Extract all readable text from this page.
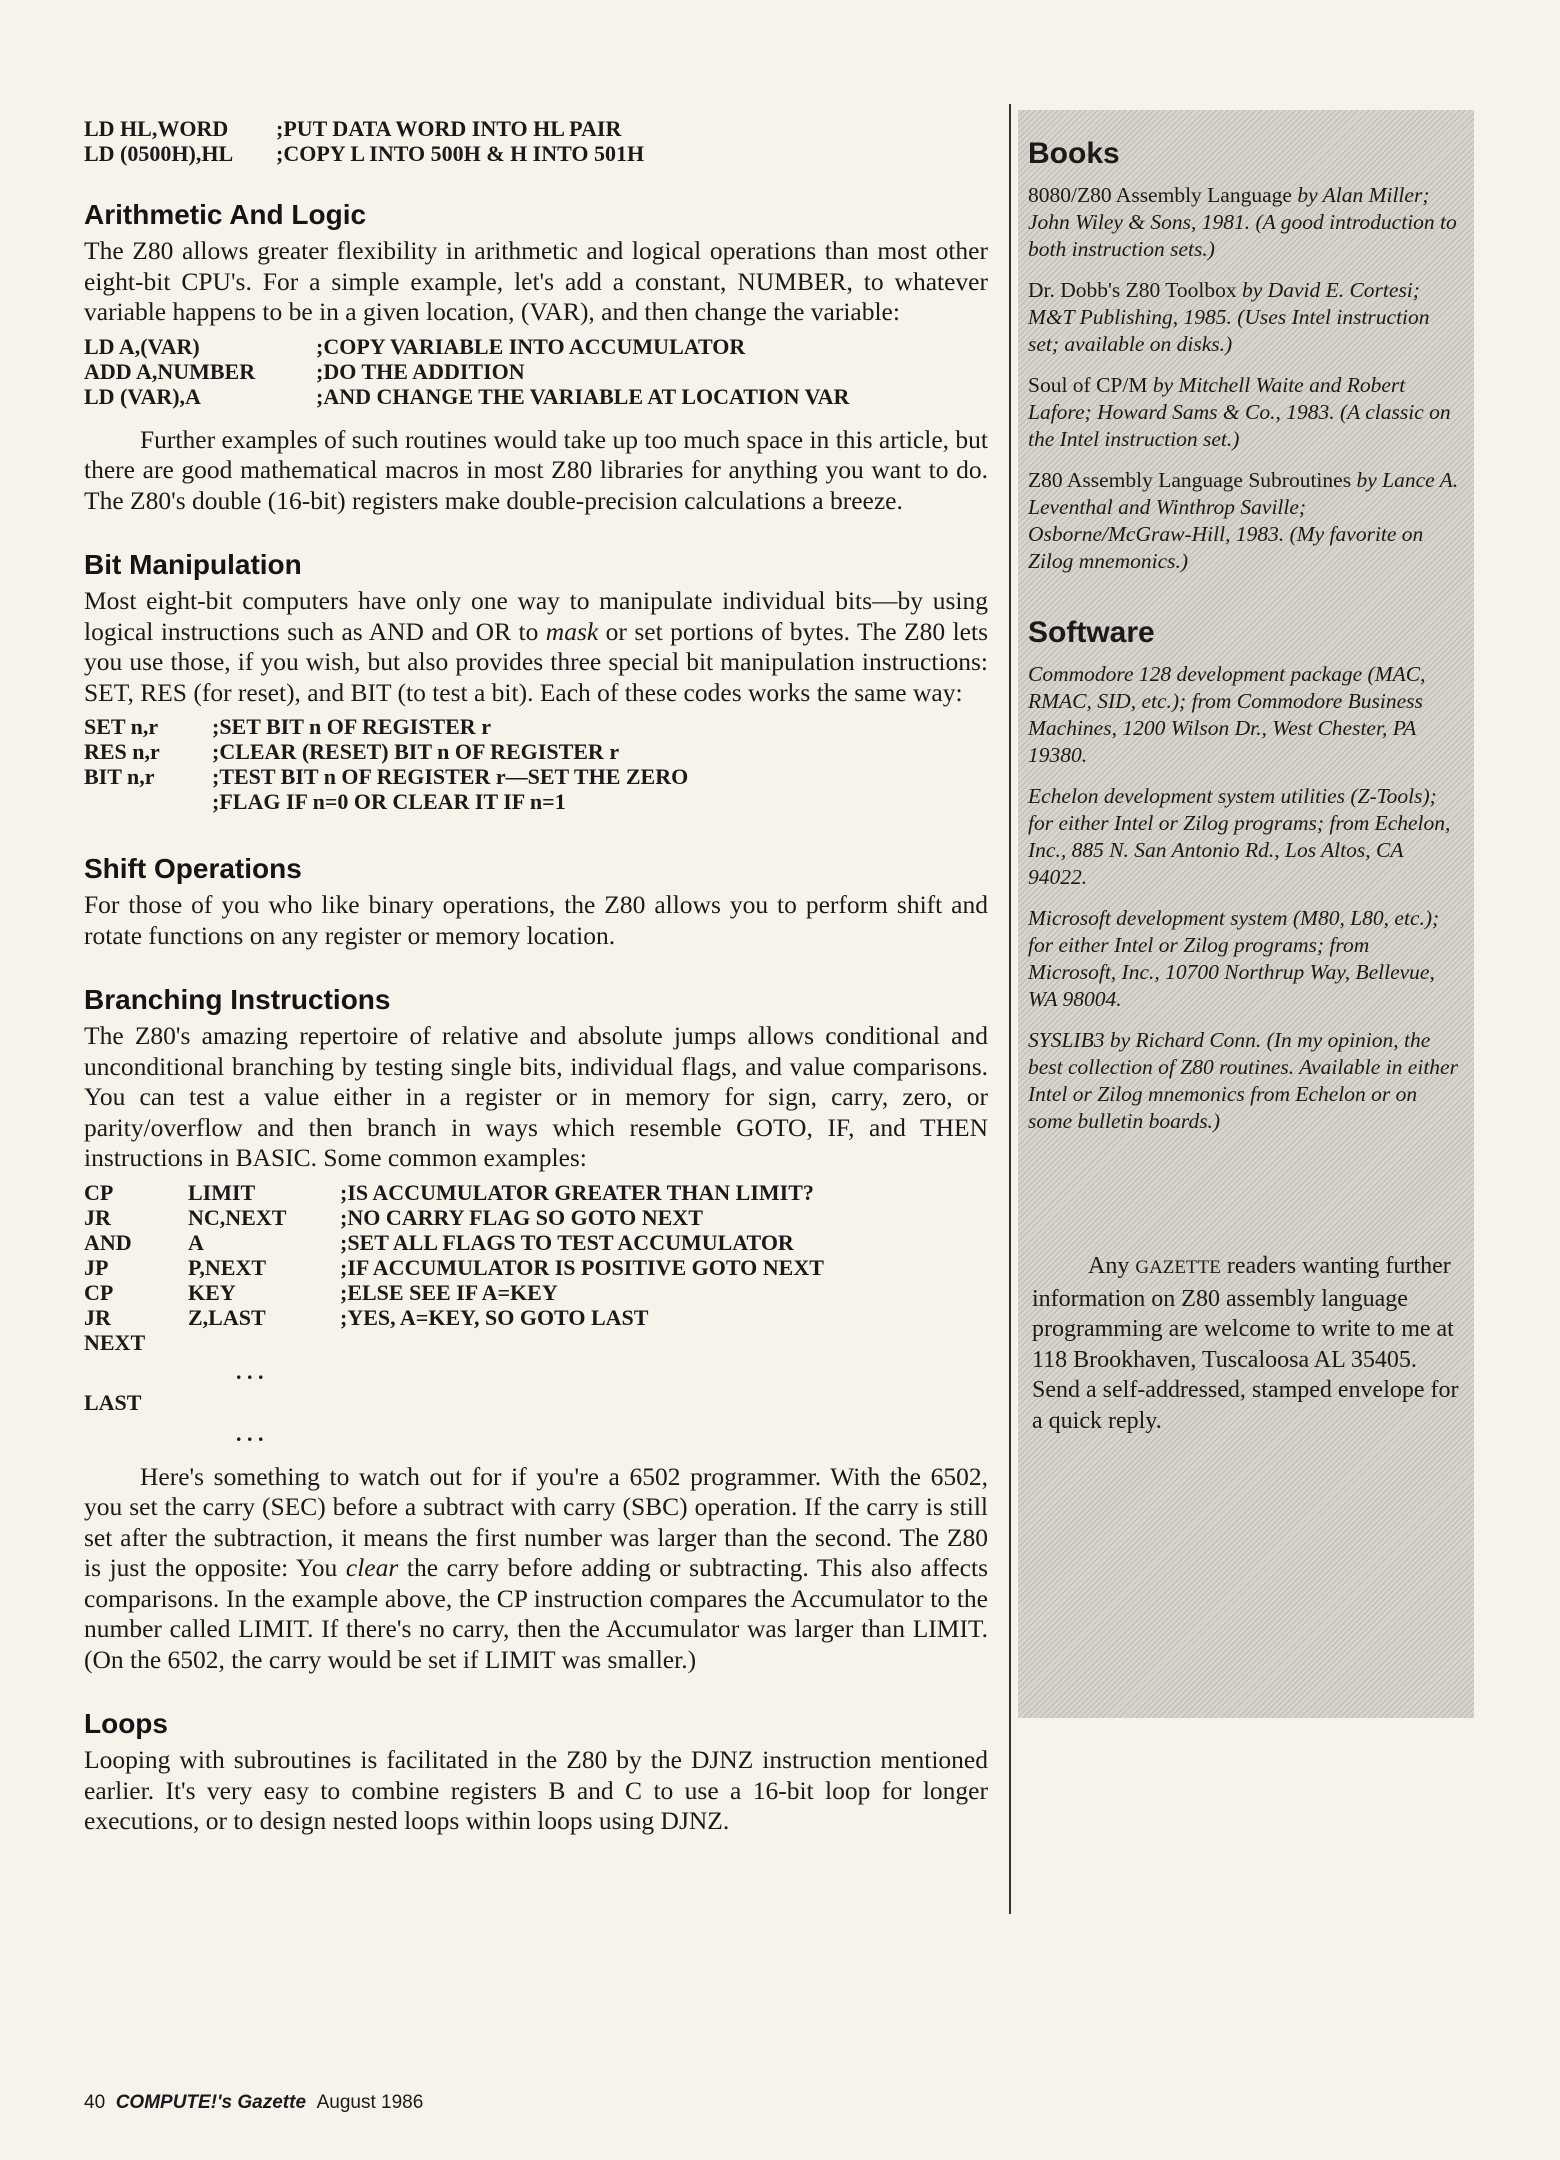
LD HL,WORD	;PUT DATA WORD INTO HL PAIR
LD (0500H),HL	;COPY L INTO 500H & H INTO 501H
Arithmetic And Logic

The Z80 allows greater flexibility in arithmetic and logical operations than most other eight-bit CPU's. For a simple example, let's add a constant, NUMBER, to whatever variable happens to be in a given location, (VAR), and then change the variable:

LD A,(VAR)	;COPY VARIABLE INTO ACCUMULATOR
ADD A,NUMBER	;DO THE ADDITION
LD (VAR),A	;AND CHANGE THE VARIABLE AT LOCATION VAR

Further examples of such routines would take up too much space in this article, but there are good mathematical macros in most Z80 libraries for anything you want to do. The Z80's double (16-bit) registers make double-precision calculations a breeze.

Bit Manipulation

Most eight-bit computers have only one way to manipulate individual bits—by using logical instructions such as AND and OR to mask or set portions of bytes. The Z80 lets you use those, if you wish, but also provides three special bit manipulation instructions: SET, RES (for reset), and BIT (to test a bit). Each of these codes works the same way:

SET n,r	;SET BIT n OF REGISTER r
RES n,r	;CLEAR (RESET) BIT n OF REGISTER r
BIT n,r	;TEST BIT n OF REGISTER r—SET THE ZERO
;FLAG IF n=0 OR CLEAR IT IF n=1
Shift Operations

For those of you who like binary operations, the Z80 allows you to perform shift and rotate functions on any register or memory location.

Branching Instructions

The Z80's amazing repertoire of relative and absolute jumps allows conditional and unconditional branching by testing single bits, individual flags, and value comparisons. You can test a value either in a register or in memory for sign, carry, zero, or parity/overflow and then branch in ways which resemble GOTO, IF, and THEN instructions in BASIC. Some common examples:

CP	LIMIT	;IS ACCUMULATOR GREATER THAN LIMIT?
JR	NC,NEXT	;NO CARRY FLAG SO GOTO NEXT
AND	A	;SET ALL FLAGS TO TEST ACCUMULATOR
JP	P,NEXT	;IF ACCUMULATOR IS POSITIVE GOTO NEXT
CP	KEY	;ELSE SEE IF A=KEY
JR	Z,LAST	;YES, A=KEY, SO GOTO LAST
NEXT
. . .
LAST
. . .

Here's something to watch out for if you're a 6502 programmer. With the 6502, you set the carry (SEC) before a subtract with carry (SBC) operation. If the carry is still set after the subtraction, it means the first number was larger than the second. The Z80 is just the opposite: You clear the carry before adding or subtracting. This also affects comparisons. In the example above, the CP instruction compares the Accumulator to the number called LIMIT. If there's no carry, then the Accumulator was larger than LIMIT. (On the 6502, the carry would be set if LIMIT was smaller.)

Loops

Looping with subroutines is facilitated in the Z80 by the DJNZ instruction mentioned earlier. It's very easy to combine registers B and C to use a 16-bit loop for longer executions, or to design nested loops within loops using DJNZ.

Books

8080/Z80 Assembly Language by Alan Miller; John Wiley & Sons, 1981. (A good introduction to both instruction sets.)

Dr. Dobb's Z80 Toolbox by David E. Cortesi; M&T Publishing, 1985. (Uses Intel instruction set; available on disks.)

Soul of CP/M by Mitchell Waite and Robert Lafore; Howard Sams & Co., 1983. (A classic on the Intel instruction set.)

Z80 Assembly Language Subroutines by Lance A. Leventhal and Winthrop Saville; Osborne/McGraw-Hill, 1983. (My favorite on Zilog mnemonics.)

Software

Commodore 128 development package (MAC, RMAC, SID, etc.); from Commodore Business Machines, 1200 Wilson Dr., West Chester, PA 19380.

Echelon development system utilities (Z-Tools); for either Intel or Zilog programs; from Echelon, Inc., 885 N. San Antonio Rd., Los Altos, CA 94022.

Microsoft development system (M80, L80, etc.); for either Intel or Zilog programs; from Microsoft, Inc., 10700 Northrup Way, Bellevue, WA 98004.

SYSLIB3 by Richard Conn. (In my opinion, the best collection of Z80 routines. Available in either Intel or Zilog mnemonics from Echelon or on some bulletin boards.)

Any GAZETTE readers wanting further information on Z80 assembly language programming are welcome to write to me at 118 Brookhaven, Tuscaloosa AL 35405. Send a self-addressed, stamped envelope for a quick reply.
40 COMPUTE!'s Gazette August 1986
